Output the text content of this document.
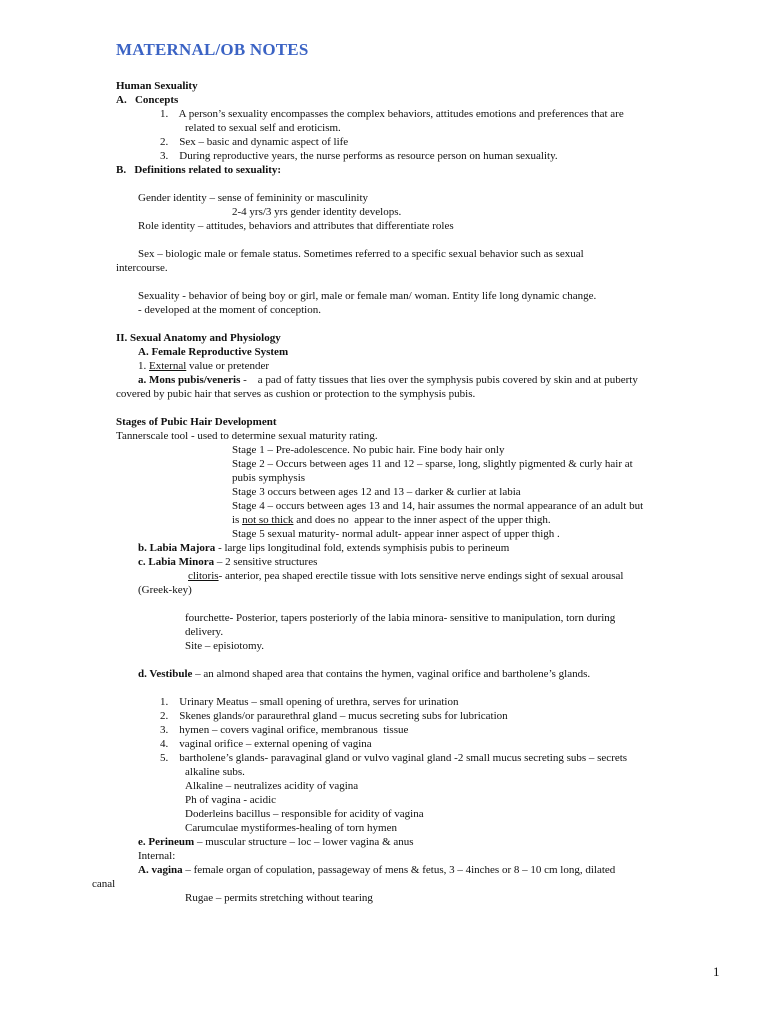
MATERNAL/OB NOTES
Human Sexuality
A.   Concepts
1.    A person’s sexuality encompasses the complex behaviors, attitudes emotions and preferences that are
related to sexual self and eroticism.
2.    Sex – basic and dynamic aspect of life
3.    During reproductive years, the nurse performs as resource person on human sexuality.
B.   Definitions related to sexuality:
Gender identity – sense of femininity or masculinity
2-4 yrs/3 yrs gender identity develops.
Role identity – attitudes, behaviors and attributes that differentiate roles
Sex – biologic male or female status. Sometimes referred to a specific sexual behavior such as sexual
intercourse.
Sexuality - behavior of being boy or girl, male or female man/ woman. Entity life long dynamic change.
- developed at the moment of conception.
II. Sexual Anatomy and Physiology
A. Female Reproductive System
1. External value or pretender
a. Mons pubis/veneris -    a pad of fatty tissues that lies over the symphysis pubis covered by skin and at puberty
covered by pubic hair that serves as cushion or protection to the symphysis pubis.
Stages of Pubic Hair Development
Tannerscale tool - used to determine sexual maturity rating.
Stage 1 – Pre-adolescence. No pubic hair. Fine body hair only
Stage 2 – Occurs between ages 11 and 12 – sparse, long, slightly pigmented & curly hair at
pubis symphysis
Stage 3 occurs between ages 12 and 13 – darker & curlier at labia
Stage 4 – occurs between ages 13 and 14, hair assumes the normal appearance of an adult but
is not so thick and does no  appear to the inner aspect of the upper thigh.
Stage 5 sexual maturity- normal adult- appear inner aspect of upper thigh .
b. Labia Majora - large lips longitudinal fold, extends symphisis pubis to perineum
c. Labia Minora – 2 sensitive structures
clitoris- anterior, pea shaped erectile tissue with lots sensitive nerve endings sight of sexual arousal
(Greek-key)
fourchette- Posterior, tapers posteriorly of the labia minora- sensitive to manipulation, torn during
delivery.
Site – episiotomy.
d. Vestibule – an almond shaped area that contains the hymen, vaginal orifice and bartholene’s glands.
1.    Urinary Meatus – small opening of urethra, serves for urination
2.    Skenes glands/or paraurethral gland – mucus secreting subs for lubrication
3.    hymen – covers vaginal orifice, membranous  tissue
4.    vaginal orifice – external opening of vagina
5.    bartholene’s glands- paravaginal gland or vulvo vaginal gland -2 small mucus secreting subs – secrets
alkaline subs.
Alkaline – neutralizes acidity of vagina
Ph of vagina - acidic
Doderleins bacillus – responsible for acidity of vagina
Carumculae mystiformes-healing of torn hymen
e. Perineum – muscular structure – loc – lower vagina & anus
Internal:
A. vagina – female organ of copulation, passageway of mens & fetus, 3 – 4inches or 8 – 10 cm long, dilated
canal
Rugae – permits stretching without tearing
1
